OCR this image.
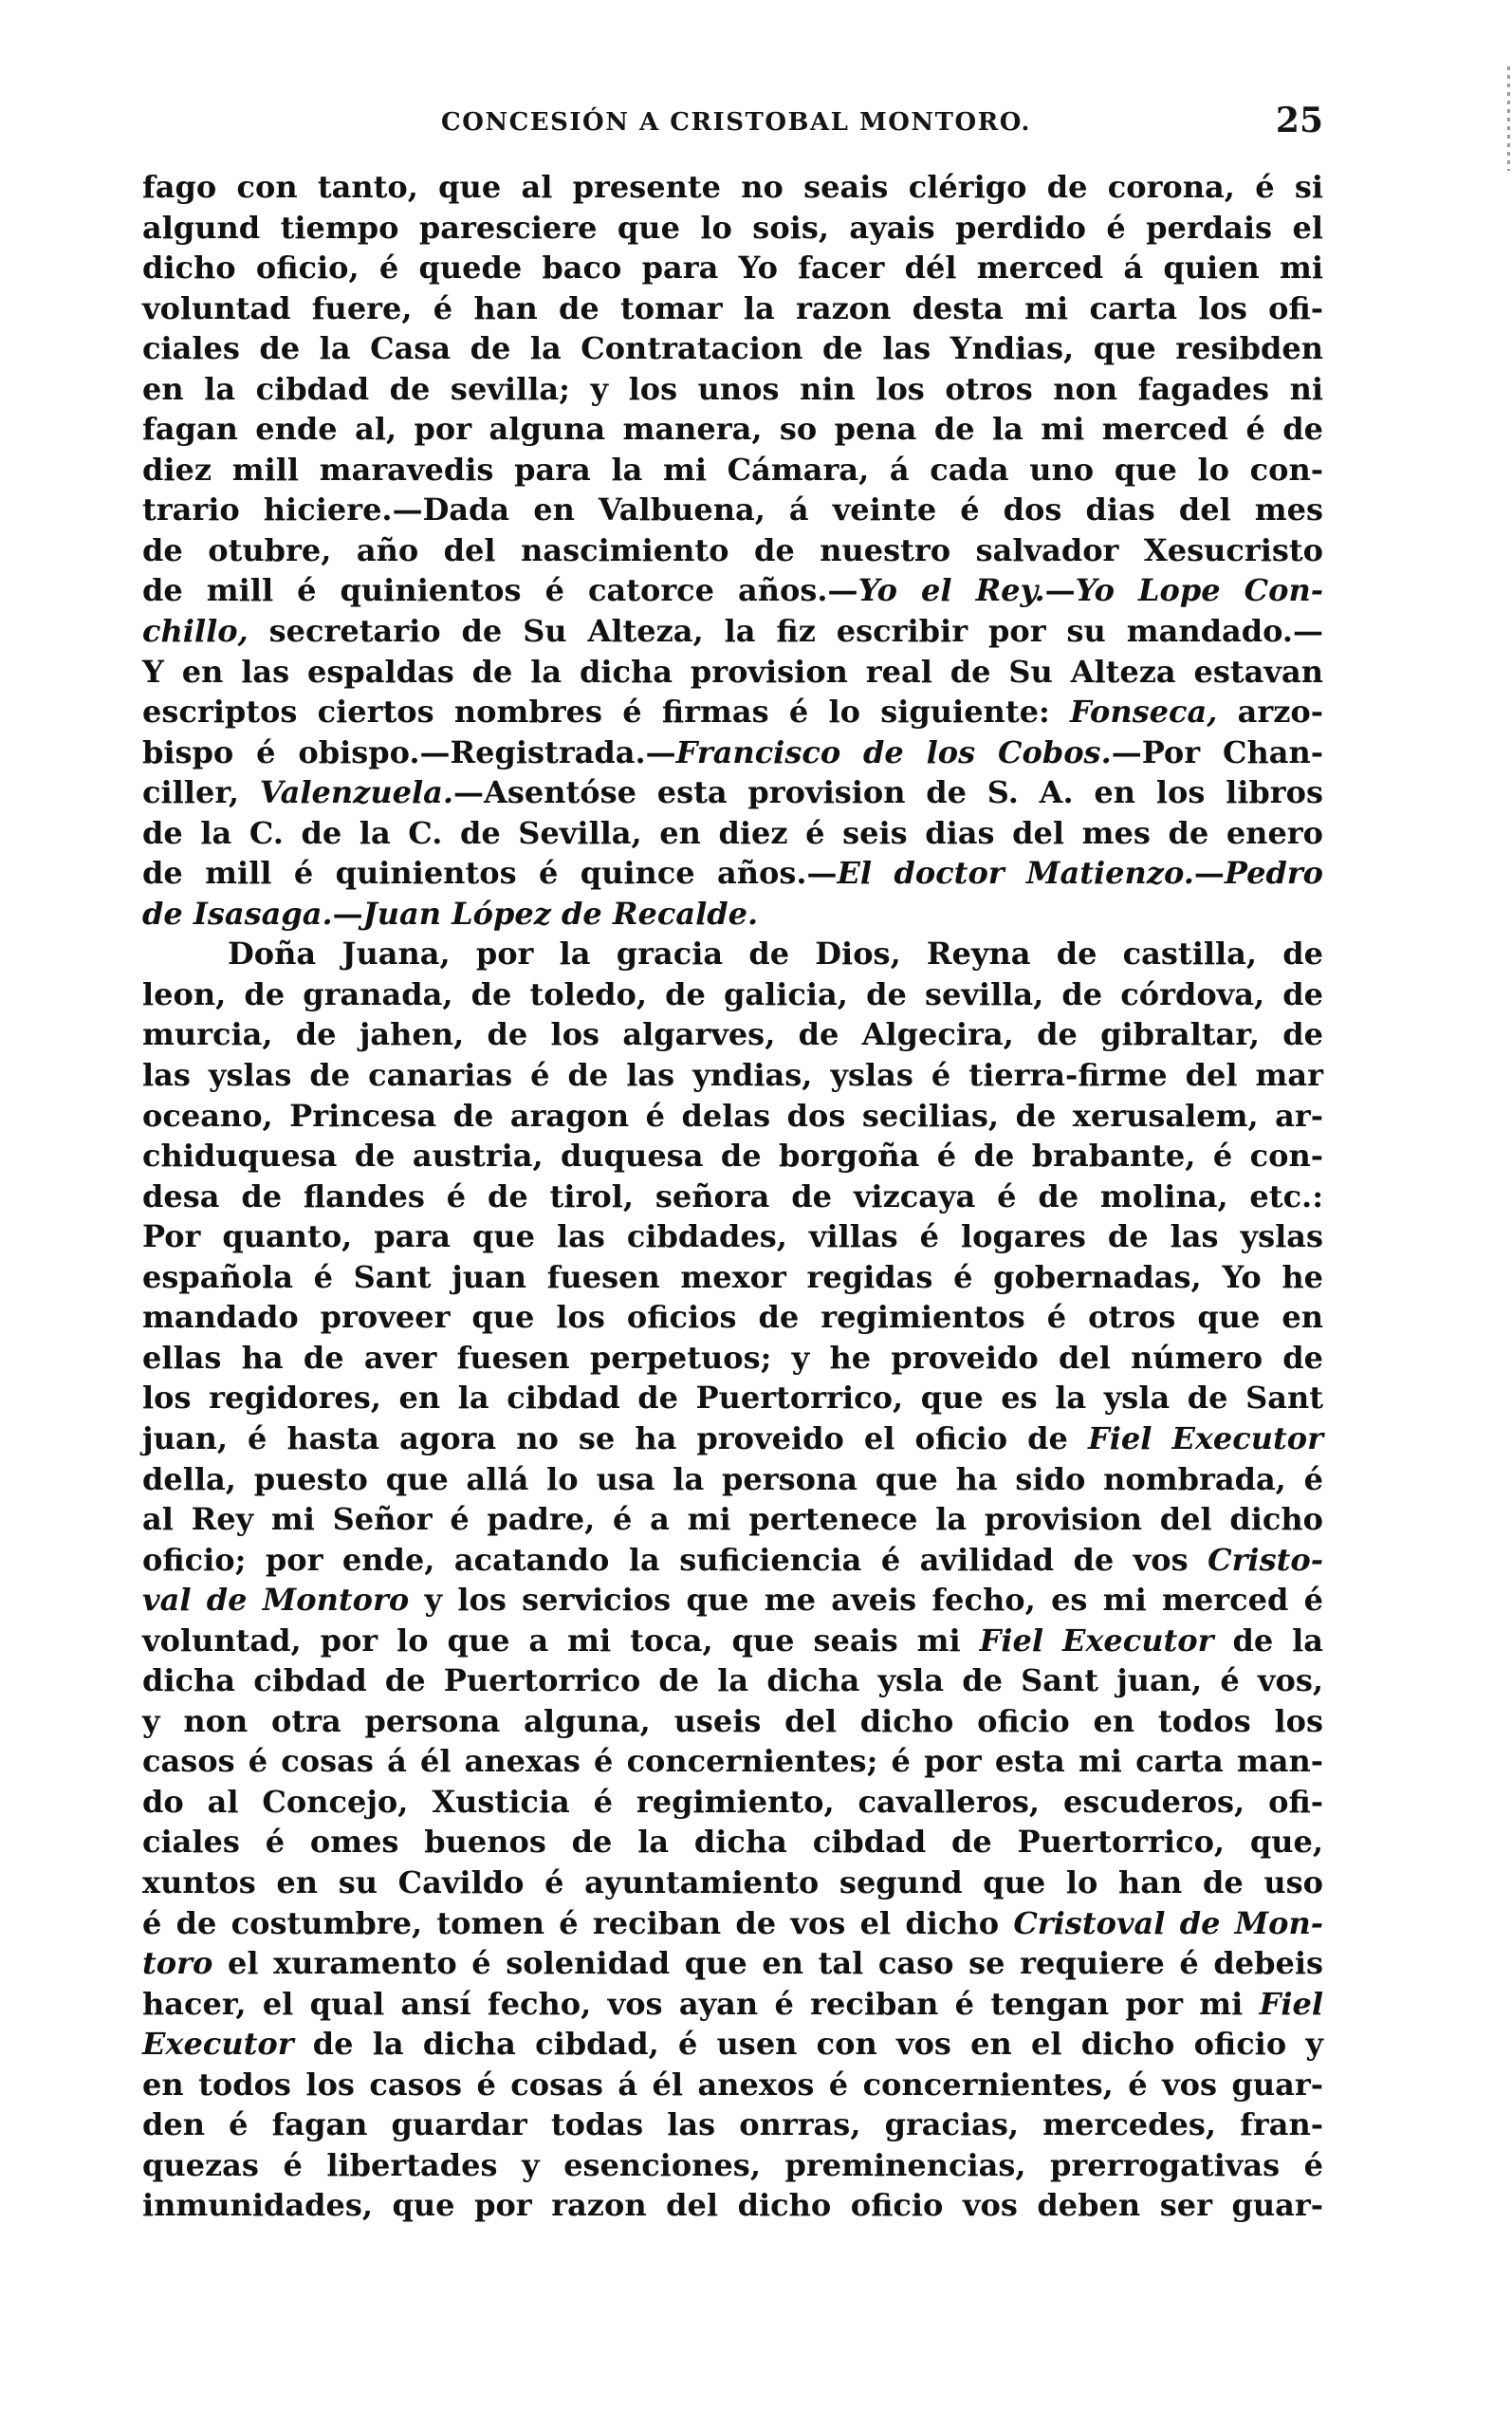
CONCESIÓN A CRISTOBAL MONTORO.	25
fago con tanto, que al presente no seais clérigo de corona, é si
algund tiempo paresciere que lo sois, ayais perdido é perdais el
dicho oficio, é quede baco para Yo facer dél merced á quien mi
voluntad fuere, é han de tomar la razon desta mi carta los ofi-
ciales de la Casa de la Contratacion de las Yndias, que resibden
en la cibdad de sevilla; y los unos nin los otros non fagades ni
fagan ende al, por alguna manera, so pena de la mi merced é de
diez mill maravedis para la mi Cámara, á cada uno que lo con-
trario hiciere.—Dada en Valbuena, á veinte é dos dias del mes
de otubre, año del nascimiento de nuestro salvador Xesucristo
de mill é quinientos é catorce años.—Yo el Rey.—Yo Lope Con-
chillo, secretario de Su Alteza, la fiz escribir por su mandado.—
Y en las espaldas de la dicha provision real de Su Alteza estavan
escriptos ciertos nombres é firmas é lo siguiente: Fonseca, arzo-
bispo é obispo.—Registrada.—Francisco de los Cobos.—Por Chan-
ciller, Valenzuela.—Asentóse esta provision de S. A. en los libros
de la C. de la C. de Sevilla, en diez é seis dias del mes de enero
de mill é quinientos é quince años.—El doctor Matienzo.—Pedro
de Isasaga.—Juan López de Recalde.
Doña Juana, por la gracia de Dios, Reyna de castilla, de
leon, de granada, de toledo, de galicia, de sevilla, de córdova, de
murcia, de jahen, de los algarves, de Algecira, de gibraltar, de
las yslas de canarias é de las yndias, yslas é tierra-firme del mar
oceano, Princesa de aragon é delas dos secilias, de xerusalem, ar-
chiduquesa de austria, duquesa de borgoña é de brabante, é con-
desa de flandes é de tirol, señora de vizcaya é de molina, etc.:
Por quanto, para que las cibdades, villas é logares de las yslas
española é Sant juan fuesen mexor regidas é gobernadas, Yo he
mandado proveer que los oficios de regimientos é otros que en
ellas ha de aver fuesen perpetuos; y he proveido del número de
los regidores, en la cibdad de Puertorrico, que es la ysla de Sant
juan, é hasta agora no se ha proveido el oficio de Fiel Executor
della, puesto que allá lo usa la persona que ha sido nombrada, é
al Rey mi Señor é padre, é a mi pertenece la provision del dicho
oficio; por ende, acatando la suficiencia é avilidad de vos Cristo-
val de Montoro y los servicios que me aveis fecho, es mi merced é
voluntad, por lo que a mi toca, que seais mi Fiel Executor de la
dicha cibdad de Puertorrico de la dicha ysla de Sant juan, é vos,
y non otra persona alguna, useis del dicho oficio en todos los
casos é cosas á él anexas é concernientes; é por esta mi carta man-
do al Concejo, Xusticia é regimiento, cavalleros, escuderos, ofi-
ciales é omes buenos de la dicha cibdad de Puertorrico, que,
xuntos en su Cavildo é ayuntamiento segund que lo han de uso
é de costumbre, tomen é reciban de vos el dicho Cristoval de Mon-
toro el xuramento é solenidad que en tal caso se requiere é debeis
hacer, el qual ansí fecho, vos ayan é reciban é tengan por mi Fiel
Executor de la dicha cibdad, é usen con vos en el dicho oficio y
en todos los casos é cosas á él anexos é concernientes, é vos guar-
den é fagan guardar todas las onrras, gracias, mercedes, fran-
quezas é libertades y esenciones, preminencias, prerrogativas é
inmunidades, que por razon del dicho oficio vos deben ser guar-
